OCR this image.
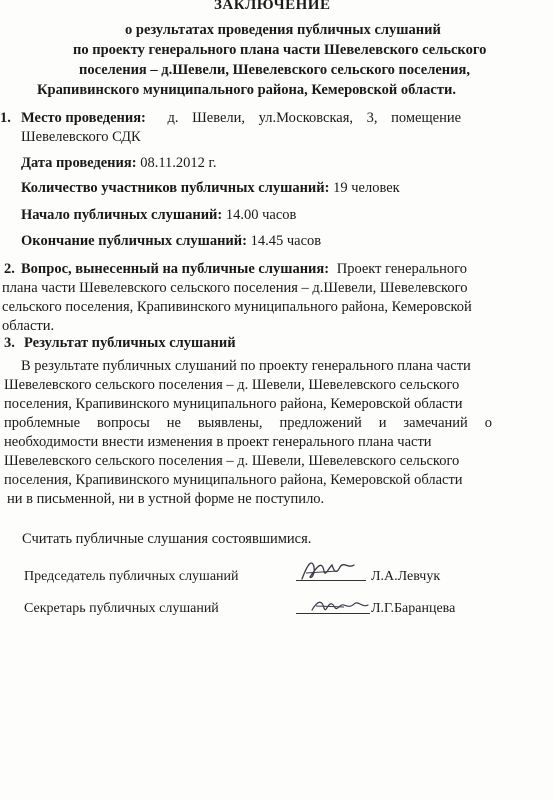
ЗАКЛЮЧЕНИЕ
о результатах проведения публичных слушаний
по проекту генерального плана части Шевелевского сельского
поселения – д.Шевели, Шевелевского сельского поселения,
Крапивинского муниципального района, Кемеровской области.
1. Место проведения: д. Шевели, ул.Московская, 3, помещение
Шевелевского СДК
Дата проведения: 08.11.2012 г.
Количество участников публичных слушаний: 19 человек
Начало публичных слушаний: 14.00 часов
Окончание публичных слушаний: 14.45 часов
2. Вопрос, вынесенный на публичные слушания: Проект генерального
плана части Шевелевского сельского поселения – д.Шевели, Шевелевского
сельского поселения, Крапивинского муниципального района, Кемеровской
области.
3. Результат публичных слушаний
В результате публичных слушаний по проекту генерального плана части
Шевелевского сельского поселения – д. Шевели, Шевелевского сельского
поселения, Крапивинского муниципального района, Кемеровской области
проблемные вопросы не выявлены, предложений и замечаний о
необходимости внести изменения в проект генерального плана части
Шевелевского сельского поселения – д. Шевели, Шевелевского сельского
поселения, Крапивинского муниципального района, Кемеровской области
ни в письменной, ни в устной форме не поступило.
Считать публичные слушания состоявшимися.
Председатель публичных слушаний	Л.А.Левчук
Секретарь публичных слушаний	Л.Г.Баранцева
